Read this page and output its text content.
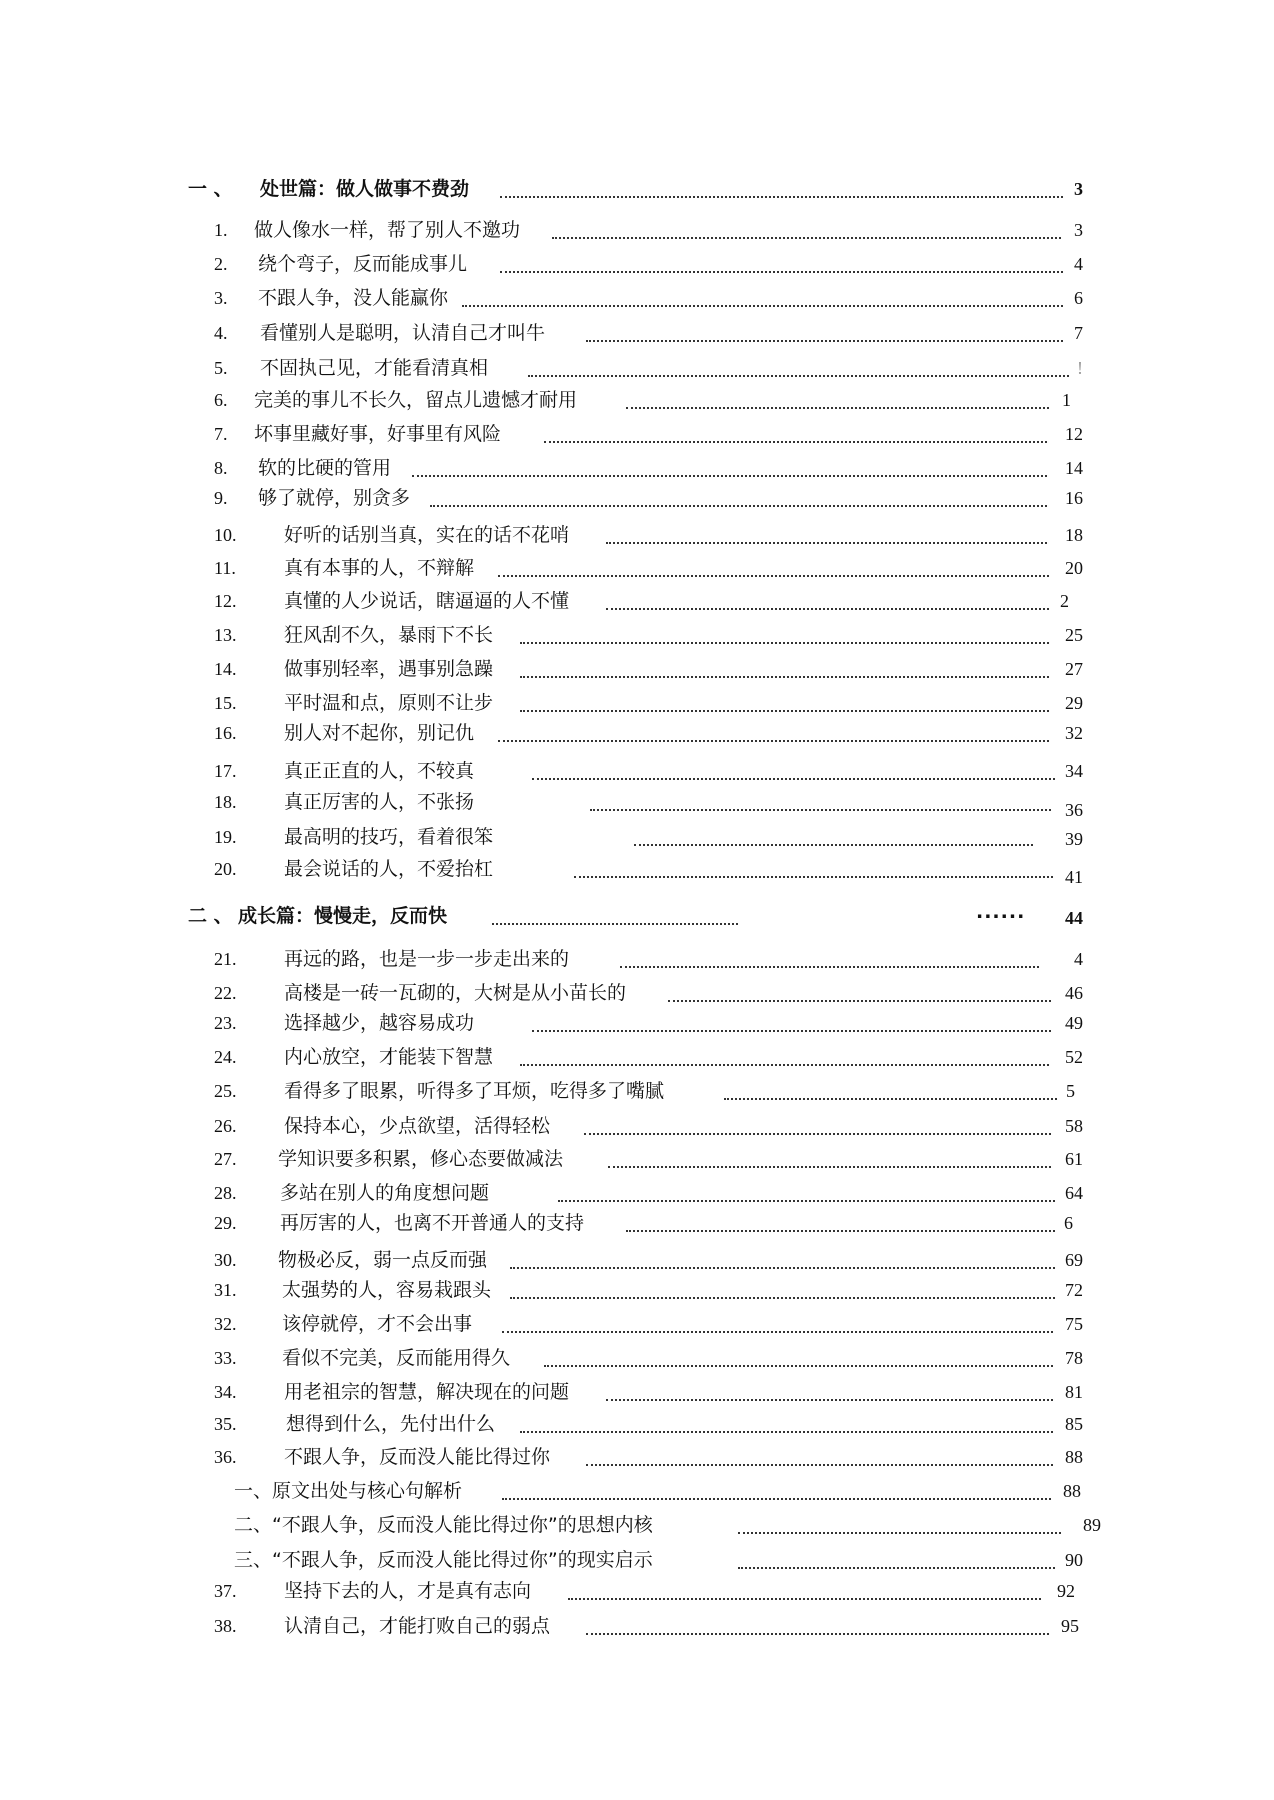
一 、 处世篇：做人做事不费劲	3
1. 做人像水一样，帮了别人不邀功	3
2. 绕个弯子，反而能成事儿	4
3. 不跟人争，没人能赢你	6
4. 看懂别人是聪明，认清自己才叫牛	7
5. 不固执己见，才能看清真相	!
6. 完美的事儿不长久，留点儿遗憾才耐用	1
7. 坏事里藏好事，好事里有风险	12
8. 软的比硬的管用	14
9. 够了就停，别贪多	16
10.	好听的话别当真，实在的话不花哨	18
11.	真有本事的人，不辩解	20
12.	真懂的人少说话，瞎逼逼的人不懂	2
13.	狂风刮不久，暴雨下不长	25
14.	做事别轻率，遇事别急躁	27
15.	平时温和点，原则不让步	29
16.	别人对不起你，别记仇	32
17.	真正正直的人，不较真	34
18.	真正厉害的人，不张扬	36
19.	最高明的技巧，看着很笨	39
20.	最会说话的人，不爱抬杠	41
二 、 成长篇：慢慢走，反而快	......	44
21.	再远的路，也是一步一步走出来的	4
22.	高楼是一砖一瓦砌的，大树是从小苗长的	46
23.	选择越少，越容易成功	49
24.	内心放空，才能装下智慧	52
25.	看得多了眼累，听得多了耳烦，吃得多了嘴腻	5
26.	保持本心，少点欲望，活得轻松	58
27. 学知识要多积累，修心态要做减法	61
28. 多站在别人的角度想问题	64
29. 再厉害的人，也离不开普通人的支持	6
30. 物极必反，弱一点反而强	69
31. 太强势的人，容易栽跟头	72
32. 该停就停，才不会出事	75
33. 看似不完美，反而能用得久	78
34.	用老祖宗的智慧，解决现在的问题	81
35.	想得到什么，先付出什么	85
36.	不跟人争，反而没人能比得过你	88
一、原文出处与核心句解析	88
二、“不跟人争，反而没人能比得过你”的思想内核	89
三、“不跟人争，反而没人能比得过你”的现实启示	90
37.	坚持下去的人，才是真有志向	92
38.	认清自己，才能打败自己的弱点	95
